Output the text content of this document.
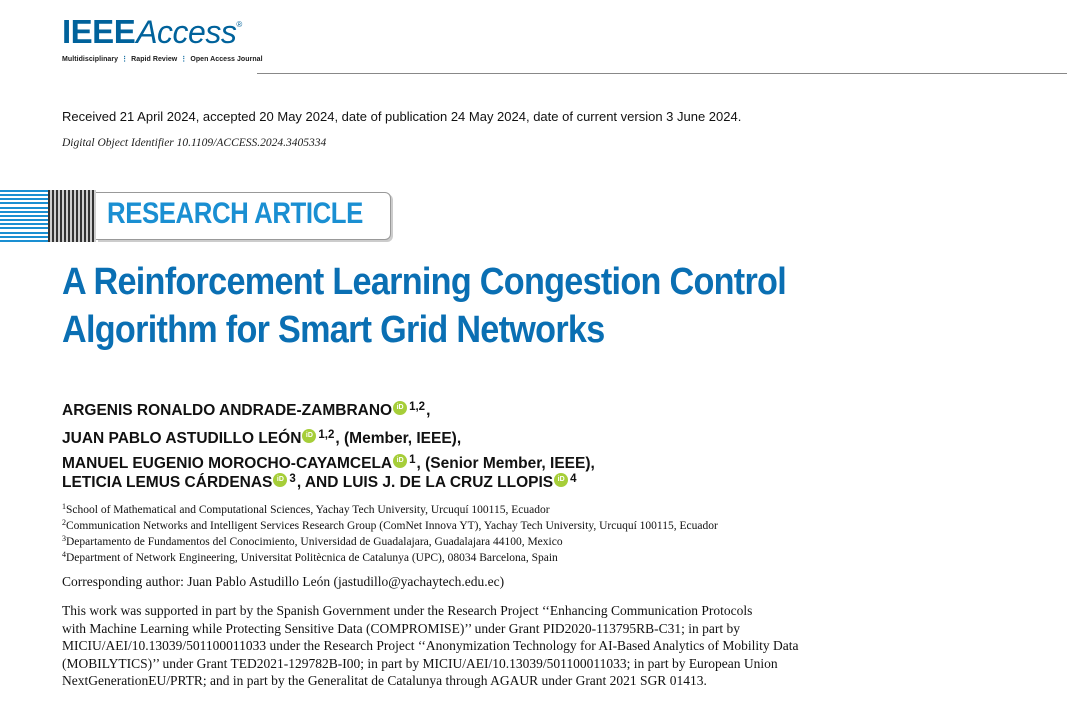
IEEEAccess®
Multidisciplinary ⋮ Rapid Review ⋮ Open Access Journal
Received 21 April 2024, accepted 20 May 2024, date of publication 24 May 2024, date of current version 3 June 2024.
Digital Object Identifier 10.1109/ACCESS.2024.3405334
RESEARCH ARTICLE
A Reinforcement Learning Congestion Control
Algorithm for Smart Grid Networks
ARGENIS RONALDO ANDRADE-ZAMBRANO iD $^{1,2}$,
JUAN PABLO ASTUDILLO LEÓN iD $^{1,2}$, (Member, IEEE),
MANUEL EUGENIO MOROCHO-CAYAMCELA iD $^1$, (Senior Member, IEEE),
LETICIA LEMUS CÁRDENAS iD $^3$, AND LUIS J. DE LA CRUZ LLOPIS iD $^4$
$^1$School of Mathematical and Computational Sciences, Yachay Tech University, Urcuquí 100115, Ecuador
$^2$Communication Networks and Intelligent Services Research Group (ComNet Innova YT), Yachay Tech University, Urcuquí 100115, Ecuador
$^3$Departamento de Fundamentos del Conocimiento, Universidad de Guadalajara, Guadalajara 44100, Mexico
$^4$Department of Network Engineering, Universitat Politècnica de Catalunya (UPC), 08034 Barcelona, Spain
Corresponding author: Juan Pablo Astudillo León (jastudillo@yachaytech.edu.ec)
This work was supported in part by the Spanish Government under the Research Project ‘‘Enhancing Communication Protocols
with Machine Learning while Protecting Sensitive Data (COMPROMISE)’’ under Grant PID2020-113795RB-C31; in part by
MICIU/AEI/10.13039/501100011033 under the Research Project ‘‘Anonymization Technology for AI-Based Analytics of Mobility Data
(MOBILYTICS)’’ under Grant TED2021-129782B-I00; in part by MICIU/AEI/10.13039/501100011033; in part by European Union
NextGenerationEU/PRTR; and in part by the Generalitat de Catalunya through AGAUR under Grant 2021 SGR 01413.
